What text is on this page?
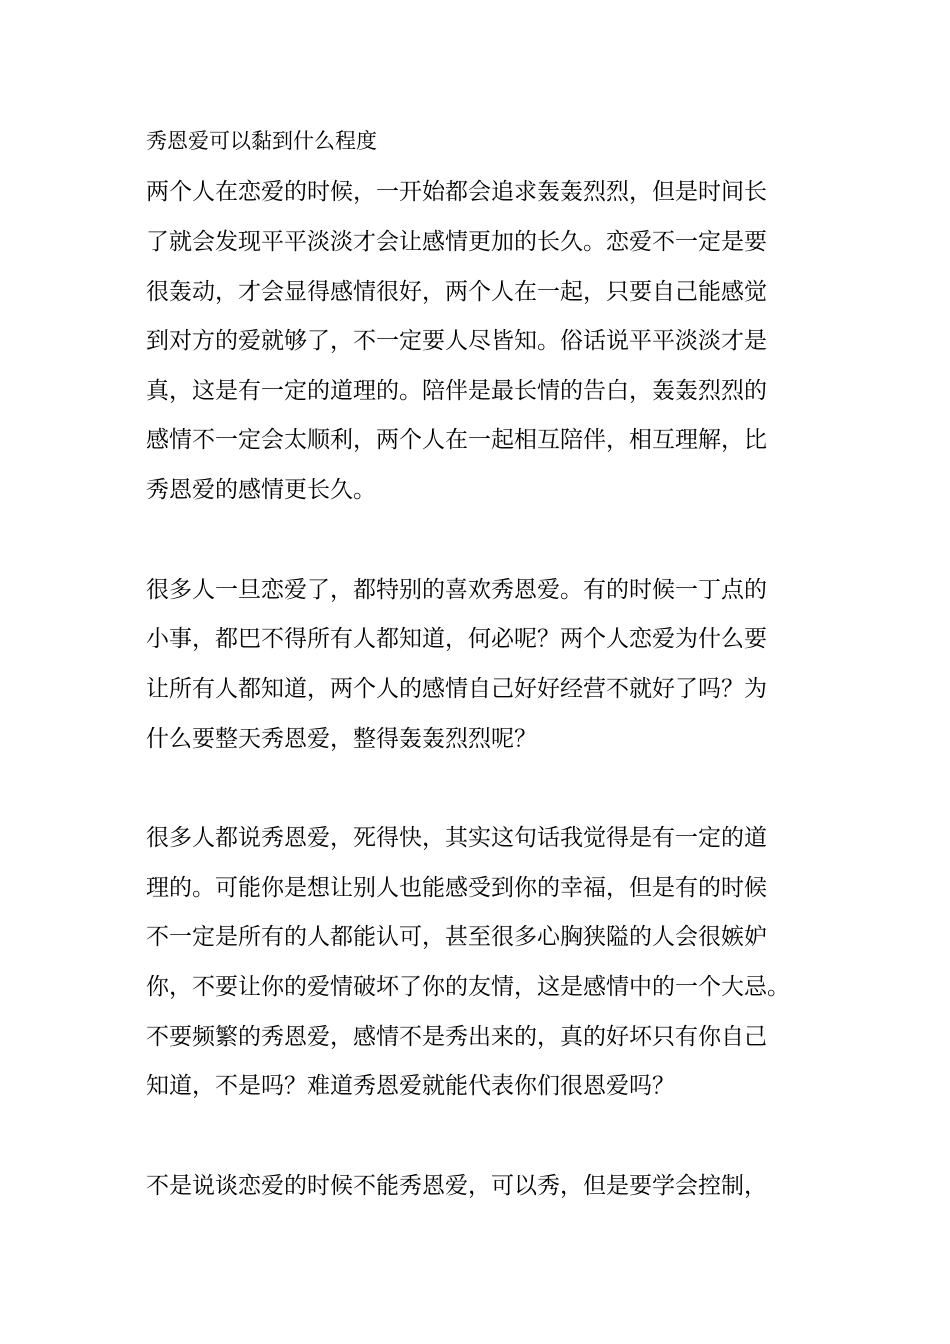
秀恩爱可以黏到什么程度
两个人在恋爱的时候，一开始都会追求轰轰烈烈，但是时间长
了就会发现平平淡淡才会让感情更加的长久。恋爱不一定是要
很轰动，才会显得感情很好，两个人在一起，只要自己能感觉
到对方的爱就够了，不一定要人尽皆知。俗话说平平淡淡才是
真，这是有一定的道理的。陪伴是最长情的告白，轰轰烈烈的
感情不一定会太顺利，两个人在一起相互陪伴，相互理解，比
秀恩爱的感情更长久。
很多人一旦恋爱了，都特别的喜欢秀恩爱。有的时候一丁点的
小事，都巴不得所有人都知道，何必呢？两个人恋爱为什么要
让所有人都知道，两个人的感情自己好好经营不就好了吗？为
什么要整天秀恩爱，整得轰轰烈烈呢？
很多人都说秀恩爱，死得快，其实这句话我觉得是有一定的道
理的。可能你是想让别人也能感受到你的幸福，但是有的时候
不一定是所有的人都能认可，甚至很多心胸狭隘的人会很嫉妒
你，不要让你的爱情破坏了你的友情，这是感情中的一个大忌。
不要频繁的秀恩爱，感情不是秀出来的，真的好坏只有你自己
知道，不是吗？难道秀恩爱就能代表你们很恩爱吗？
不是说谈恋爱的时候不能秀恩爱，可以秀，但是要学会控制，
